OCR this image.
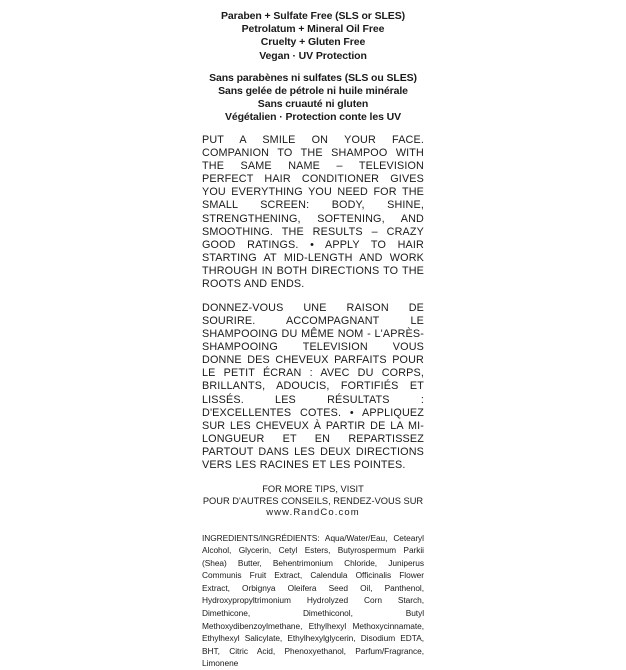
Paraben + Sulfate Free (SLS or SLES)
Petrolatum + Mineral Oil Free
Cruelty + Gluten Free
Vegan · UV Protection
Sans parabènes ni sulfates (SLS ou SLES)
Sans gelée de pétrole ni huile minérale
Sans cruauté ni gluten
Végétalien · Protection conte les UV
PUT A SMILE ON YOUR FACE. COMPANION TO THE SHAMPOO WITH THE SAME NAME – TELEVISION PERFECT HAIR CONDITIONER GIVES YOU EVERYTHING YOU NEED FOR THE SMALL SCREEN: BODY, SHINE, STRENGTHENING, SOFTENING, AND SMOOTHING. THE RESULTS – CRAZY GOOD RATINGS. • APPLY TO HAIR STARTING AT MID-LENGTH AND WORK THROUGH IN BOTH DIRECTIONS TO THE ROOTS AND ENDS.
DONNEZ-VOUS UNE RAISON DE SOURIRE. ACCOMPAGNANT LE SHAMPOOING DU MÊME NOM - L'APRÈS-SHAMPOOING TELEVISION VOUS DONNE DES CHEVEUX PARFAITS POUR LE PETIT ÉCRAN : AVEC DU CORPS, BRILLANTS, ADOUCIS, FORTIFIÉS ET LISSÉS. LES RÉSULTATS : D'EXCELLENTES COTES. • APPLIQUEZ SUR LES CHEVEUX À PARTIR DE LA MI-LONGUEUR ET EN REPARTISSEZ PARTOUT DANS LES DEUX DIRECTIONS VERS LES RACINES ET LES POINTES.
FOR MORE TIPS, VISIT
POUR D'AUTRES CONSEILS, RENDEZ-VOUS SUR
www.RandCo.com
INGREDIENTS/INGRÉDIENTS: Aqua/Water/Eau, Cetearyl Alcohol, Glycerin, Cetyl Esters, Butyrospermum Parkii (Shea) Butter, Behentrimonium Chloride, Juniperus Communis Fruit Extract, Calendula Officinalis Flower Extract, Orbignya Oleifera Seed Oil, Panthenol, Hydroxypropyltrimonium Hydrolyzed Corn Starch, Dimethicone, Dimethiconol, Butyl Methoxydibenzoylmethane, Ethylhexyl Methoxycinnamate, Ethylhexyl Salicylate, Ethylhexylglycerin, Disodium EDTA, BHT, Citric Acid, Phenoxyethanol, Parfum/Fragrance, Limonene
